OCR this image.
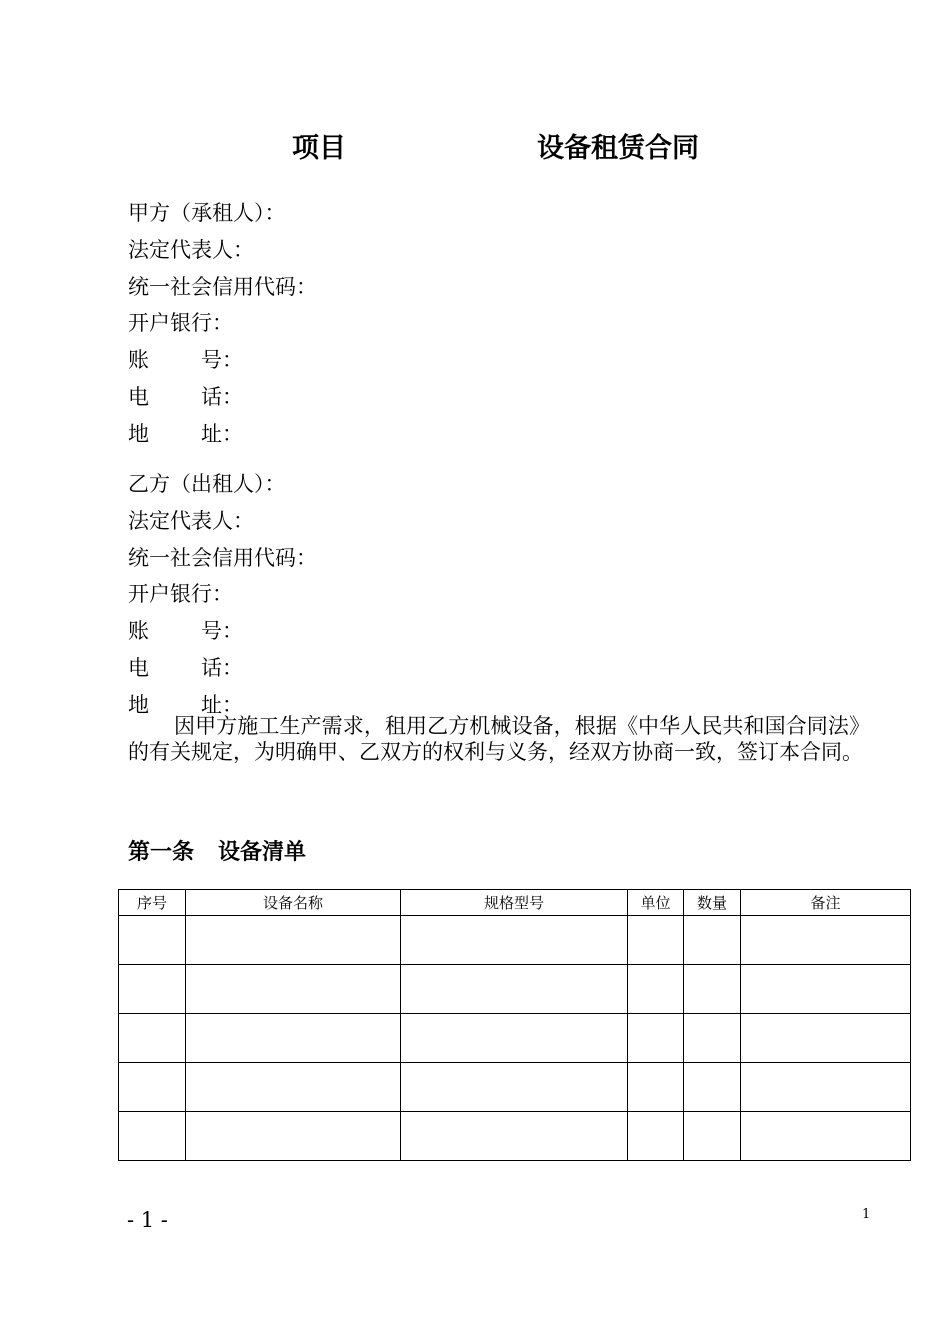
项目	设备租赁合同
甲方（承租人）：
法定代表人：
统一社会信用代码：
开户银行：
账 号：
电 话：
地 址：
乙方（出租人）：
法定代表人：
统一社会信用代码：
开户银行：
账 号：
电 话：
地 址：
因甲方施工生产需求，租用乙方机械设备，根据《中华人民共和国合同法》的有关规定，为明确甲、乙双方的权利与义务，经双方协商一致，签订本合同。
第一条 设备清单
序号	设备名称	规格型号	单位	数量	备注

- 1 -	1
